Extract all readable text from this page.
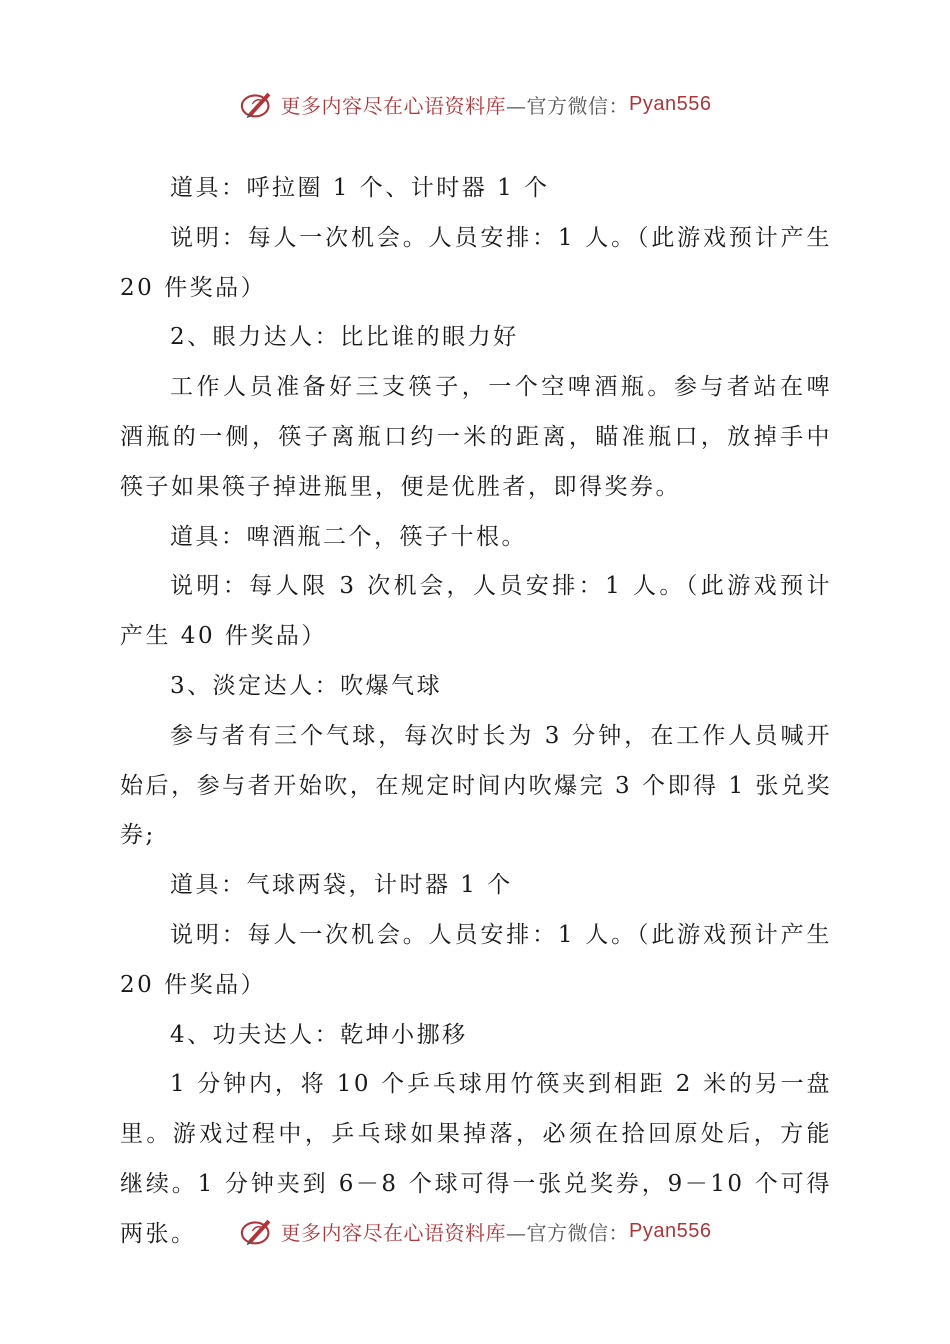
更多内容尽在心语资料库 —官方微信： Pyan556

道具：呼拉圈 1 个、计时器 1 个

说明：每人一次机会。人员安排：1 人。（此游戏预计产生 20 件奖品）

2、眼力达人：比比谁的眼力好

工作人员准备好三支筷子，一个空啤酒瓶。参与者站在啤酒瓶的一侧，筷子离瓶口约一米的距离，瞄准瓶口，放掉手中筷子如果筷子掉进瓶里，便是优胜者，即得奖券。

道具：啤酒瓶二个，筷子十根。

说明：每人限 3 次机会，人员安排：1 人。（此游戏预计产生 40 件奖品）

3、淡定达人：吹爆气球

参与者有三个气球，每次时长为 3 分钟，在工作人员喊开始后，参与者开始吹，在规定时间内吹爆完 3 个即得 1 张兑奖券;

道具：气球两袋，计时器 1 个

说明：每人一次机会。人员安排：1 人。（此游戏预计产生 20 件奖品）

4、功夫达人：乾坤小挪移

1 分钟内，将 10 个乒乓球用竹筷夹到相距 2 米的另一盘里。游戏过程中，乒乓球如果掉落，必须在拾回原处后，方能继续。1 分钟夹到 6－8 个球可得一张兑奖券，9－10 个可得两张。	更多内容尽在心语资料库 —官方微信： Pyan556
